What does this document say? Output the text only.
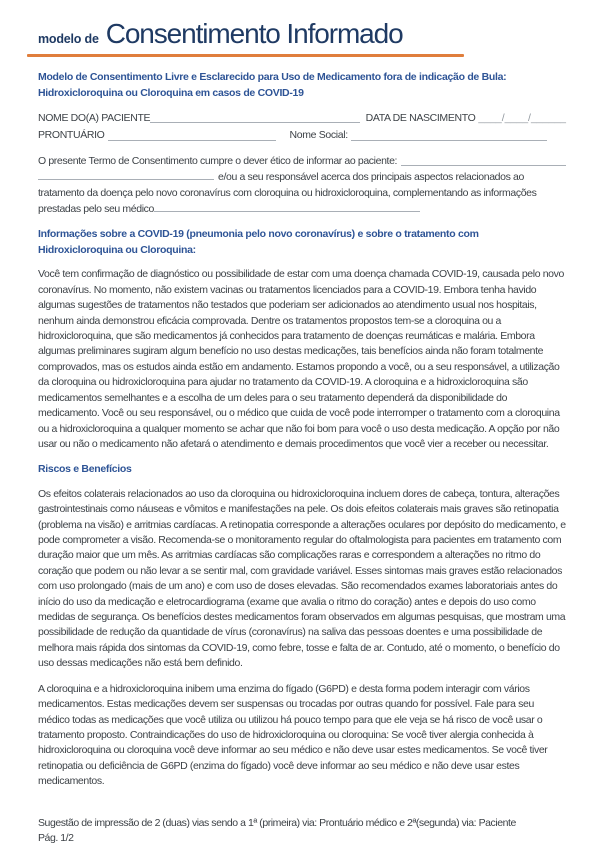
modelo de Consentimento Informado
Modelo de Consentimento Livre e Esclarecido para Uso de Medicamento fora de indicação de Bula:
Hidroxicloroquina ou Cloroquina em casos de COVID-19
NOME DO(A) PACIENTE	DATA DE NASCIMENTO ____/____/______
PRONTUÁRIO	Nome Social:
O presente Termo de Consentimento cumpre o dever ético de informar ao paciente:
e/ou a seu responsável acerca dos principais aspectos relacionados ao tratamento da doença pelo novo coronavírus com cloroquina ou hidroxicloroquina, complementando as informações prestadas pelo seu médico
Informações sobre a COVID-19 (pneumonia pelo novo coronavírus) e sobre o tratamento com Hidroxicloroquina ou Cloroquina:
Você tem confirmação de diagnóstico ou possibilidade de estar com uma doença chamada COVID-19, causada pelo novo coronavírus. No momento, não existem vacinas ou tratamentos licenciados para a COVID-19. Embora tenha havido algumas sugestões de tratamentos não testados que poderiam ser adicionados ao atendimento usual nos hospitais, nenhum ainda demonstrou eficácia comprovada. Dentre os tratamentos propostos tem-se a cloroquina ou a hidroxicloroquina, que são medicamentos já conhecidos para tratamento de doenças reumáticas e malária. Embora algumas preliminares sugiram algum benefício no uso destas medicações, tais benefícios ainda não foram totalmente comprovados, mas os estudos ainda estão em andamento. Estamos propondo a você, ou a seu responsável, a utilização da cloroquina ou hidroxicloroquina para ajudar no tratamento da COVID-19. A cloroquina e a hidroxicloroquina são medicamentos semelhantes e a escolha de um deles para o seu tratamento dependerá da disponibilidade do medicamento. Você ou seu responsável, ou o médico que cuida de você pode interromper o tratamento com a cloroquina ou a hidroxicloroquina a qualquer momento se achar que não foi bom para você o uso desta medicação. A opção por não usar ou não o medicamento não afetará o atendimento e demais procedimentos que você vier a receber ou necessitar.
Riscos e Benefícios
Os efeitos colaterais relacionados ao uso da cloroquina ou hidroxicloroquina incluem dores de cabeça, tontura, alterações gastrointestinais como náuseas e vômitos e manifestações na pele. Os dois efeitos colaterais mais graves são retinopatia (problema na visão) e arritmias cardíacas. A retinopatia corresponde a alterações oculares por depósito do medicamento, e pode comprometer a visão. Recomenda-se o monitoramento regular do oftalmologista para pacientes em tratamento com duração maior que um mês. As arritmias cardíacas são complicações raras e correspondem a alterações no ritmo do coração que podem ou não levar a se sentir mal, com gravidade variável. Esses sintomas mais graves estão relacionados com uso prolongado (mais de um ano) e com uso de doses elevadas. São recomendados exames laboratoriais antes do início do uso da medicação e eletrocardiograma (exame que avalia o ritmo do coração) antes e depois do uso como medidas de segurança. Os benefícios destes medicamentos foram observados em algumas pesquisas, que mostram uma possibilidade de redução da quantidade de vírus (coronavírus) na saliva das pessoas doentes e uma possibilidade de melhora mais rápida dos sintomas da COVID-19, como febre, tosse e falta de ar. Contudo, até o momento, o benefício do uso dessas medicações não está bem definido.
A cloroquina e a hidroxicloroquina inibem uma enzima do fígado (G6PD) e desta forma podem interagir com vários medicamentos. Estas medicações devem ser suspensas ou trocadas por outras quando for possível. Fale para seu médico todas as medicações que você utiliza ou utilizou há pouco tempo para que ele veja se há risco de você usar o tratamento proposto. Contraindicações do uso de hidroxicloroquina ou cloroquina: Se você tiver alergia conhecida à hidroxicloroquina ou cloroquina você deve informar ao seu médico e não deve usar estes medicamentos. Se você tiver retinopatia ou deficiência de G6PD (enzima do fígado) você deve informar ao seu médico e não deve usar estes medicamentos.
Sugestão de impressão de 2 (duas) vias sendo a 1ª (primeira) via: Prontuário médico e 2ª(segunda) via: Paciente
Pág. 1/2
